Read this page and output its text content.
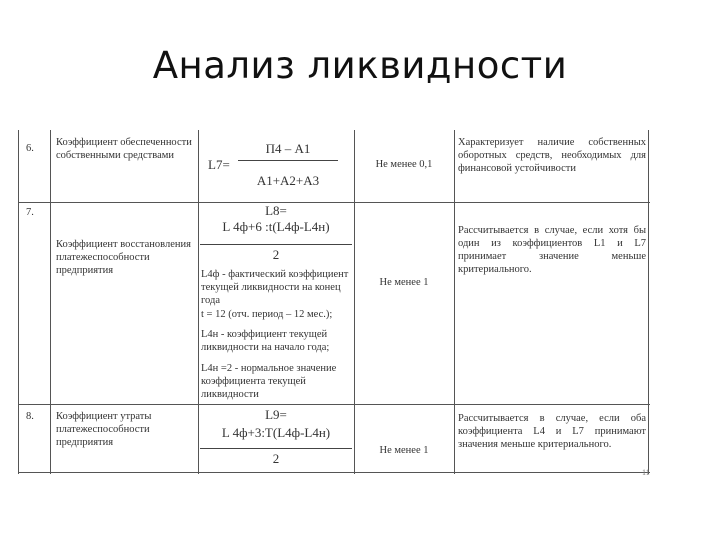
Анализ ликвидности
6.
Коэффициент обеспеченности собственными средствами
L7=
П4 – А1
А1+А2+А3
Не менее 0,1
Характеризует наличие собственных оборотных средств, необходимых для финансовой устойчивости
7.
Коэффициент восстановления платежеспособности предприятия
L8=
L 4ф+6 :t(L4ф-L4н)
2
L4ф - фактический коэффициент текущей ликвидности на конец года
t = 12 (отч. период – 12 мес.);
L4н - коэффициент текущей ликвидности на начало года;
L4н =2 - нормальное значение коэффициента текущей ликвидности
Не менее 1
Рассчитывается в случае, если хотя бы один из коэффициентов L1 и L7 принимает значение меньше критериального.
8. Коэффициент утраты платежеспособности предприятия
L9=
L 4ф+3:Т(L4ф-L4н)
2
Не менее 1
Рассчитывается в случае, если оба коэффициента L4 и L7 принимают значения меньше критериального.
11
